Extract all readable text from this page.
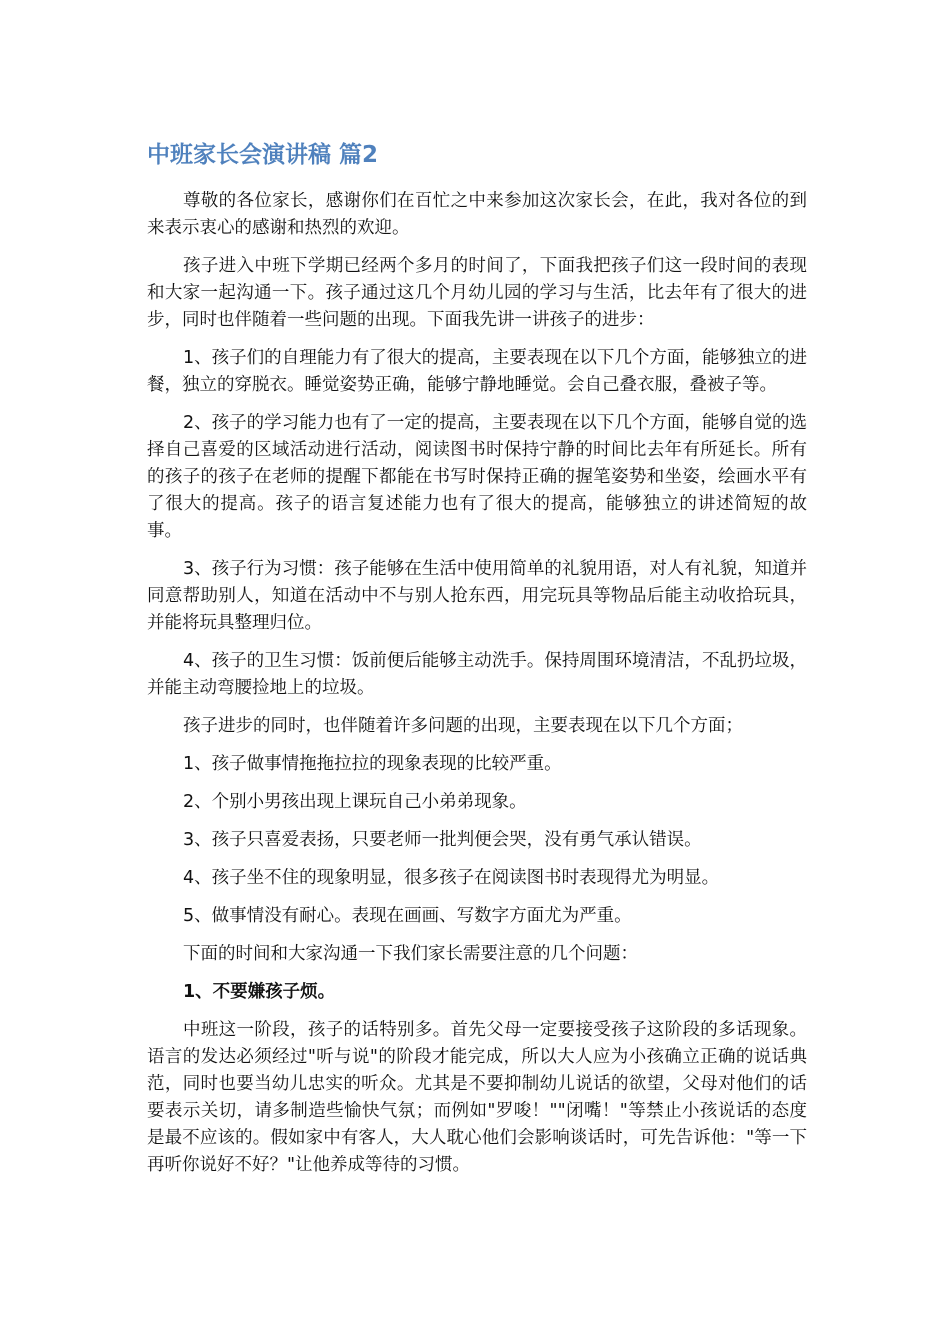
中班家长会演讲稿 篇2

尊敬的各位家长，感谢你们在百忙之中来参加这次家长会，在此，我对各位的到来表示衷心的感谢和热烈的欢迎。

孩子进入中班下学期已经两个多月的时间了，下面我把孩子们这一段时间的表现和大家一起沟通一下。孩子通过这几个月幼儿园的学习与生活，比去年有了很大的进步，同时也伴随着一些问题的出现。下面我先讲一讲孩子的进步：

1、孩子们的自理能力有了很大的提高，主要表现在以下几个方面，能够独立的进餐，独立的穿脱衣。睡觉姿势正确，能够宁静地睡觉。会自己叠衣服，叠被子等。

2、孩子的学习能力也有了一定的提高，主要表现在以下几个方面，能够自觉的选择自己喜爱的区域活动进行活动，阅读图书时保持宁静的时间比去年有所延长。所有的孩子的孩子在老师的提醒下都能在书写时保持正确的握笔姿势和坐姿，绘画水平有了很大的提高。孩子的语言复述能力也有了很大的提高，能够独立的讲述简短的故事。

3、孩子行为习惯：孩子能够在生活中使用简单的礼貌用语，对人有礼貌，知道并同意帮助别人，知道在活动中不与别人抢东西，用完玩具等物品后能主动收拾玩具，并能将玩具整理归位。

4、孩子的卫生习惯：饭前便后能够主动洗手。保持周围环境清洁，不乱扔垃圾，并能主动弯腰捡地上的垃圾。

孩子进步的同时，也伴随着许多问题的出现，主要表现在以下几个方面；

1、孩子做事情拖拖拉拉的现象表现的比较严重。

2、个别小男孩出现上课玩自己小弟弟现象。

3、孩子只喜爱表扬，只要老师一批判便会哭，没有勇气承认错误。

4、孩子坐不住的现象明显，很多孩子在阅读图书时表现得尤为明显。

5、做事情没有耐心。表现在画画、写数字方面尤为严重。

下面的时间和大家沟通一下我们家长需要注意的几个问题：

1、不要嫌孩子烦。

中班这一阶段，孩子的话特别多。首先父母一定要接受孩子这阶段的多话现象。语言的发达必须经过"听与说"的阶段才能完成，所以大人应为小孩确立正确的说话典范，同时也要当幼儿忠实的听众。尤其是不要抑制幼儿说话的欲望，父母对他们的话要表示关切，请多制造些愉快气氛；而例如"罗唆！""闭嘴！"等禁止小孩说话的态度是最不应该的。假如家中有客人，大人耽心他们会影响谈话时，可先告诉他："等一下再听你说好不好？"让他养成等待的习惯。
